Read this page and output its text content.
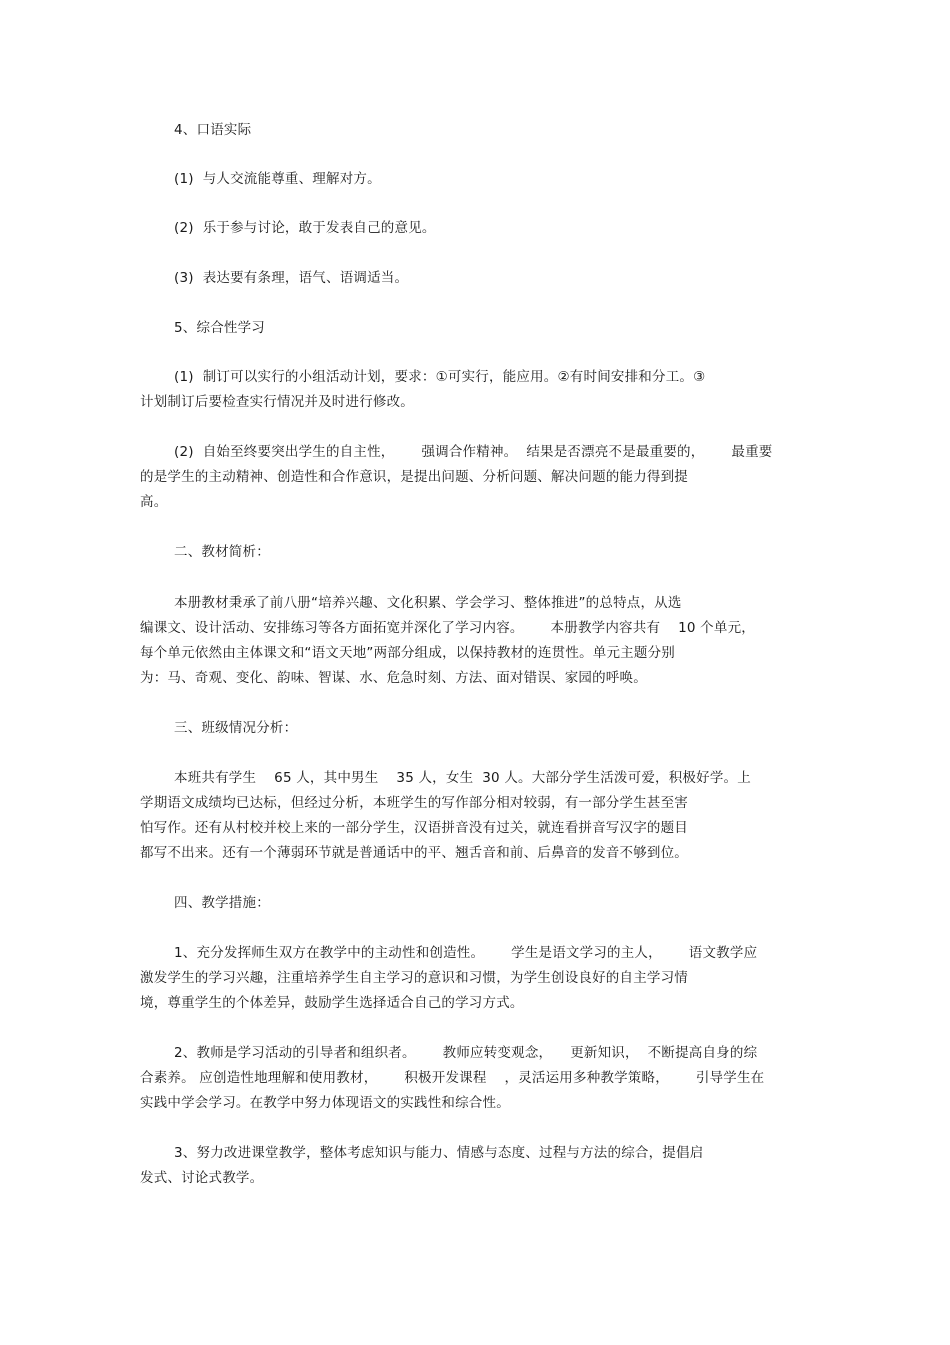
4、口语实际
(1)  与人交流能尊重、理解对方。
(2)  乐于参与讨论，敢于发表自己的意见。
(3)  表达要有条理，语气、语调适当。
5、综合性学习
(1)  制订可以实行的小组活动计划，要求：①可实行，能应用。②有时间安排和分工。③
计划制订后要检查实行情况并及时进行修改。
(2)  自始至终要突出学生的自主性，      强调合作精神。  结果是否漂亮不是最重要的，      最重要
的是学生的主动精神、创造性和合作意识，是提出问题、分析问题、解决问题的能力得到提
高。
二、教材简析：
本册教材秉承了前八册“培养兴趣、文化积累、学会学习、整体推进”的总特点，从选
编课文、设计活动、安排练习等各方面拓宽并深化了学习内容。      本册教学内容共有    10 个单元，
每个单元依然由主体课文和“语文天地”两部分组成，以保持教材的连贯性。单元主题分别
为：马、奇观、变化、韵味、智谋、水、危急时刻、方法、面对错误、家园的呼唤。
三、班级情况分析：
本班共有学生    65 人，其中男生    35 人，女生  30 人。大部分学生活泼可爱，积极好学。上
学期语文成绩均已达标，但经过分析，本班学生的写作部分相对较弱，有一部分学生甚至害
怕写作。还有从村校并校上来的一部分学生，汉语拼音没有过关，就连看拼音写汉字的题目
都写不出来。还有一个薄弱环节就是普通话中的平、翘舌音和前、后鼻音的发音不够到位。
四、教学措施：
1、充分发挥师生双方在教学中的主动性和创造性。      学生是语文学习的主人，      语文教学应
激发学生的学习兴趣，注重培养学生自主学习的意识和习惯，为学生创设良好的自主学习情
境，尊重学生的个体差异，鼓励学生选择适合自己的学习方式。
2、教师是学习活动的引导者和组织者。      教师应转变观念，    更新知识，  不断提高自身的综
合素养。 应创造性地理解和使用教材，      积极开发课程    ，灵活运用多种教学策略，      引导学生在
实践中学会学习。在教学中努力体现语文的实践性和综合性。
3、努力改进课堂教学，整体考虑知识与能力、情感与态度、过程与方法的综合，提倡启
发式、讨论式教学。
